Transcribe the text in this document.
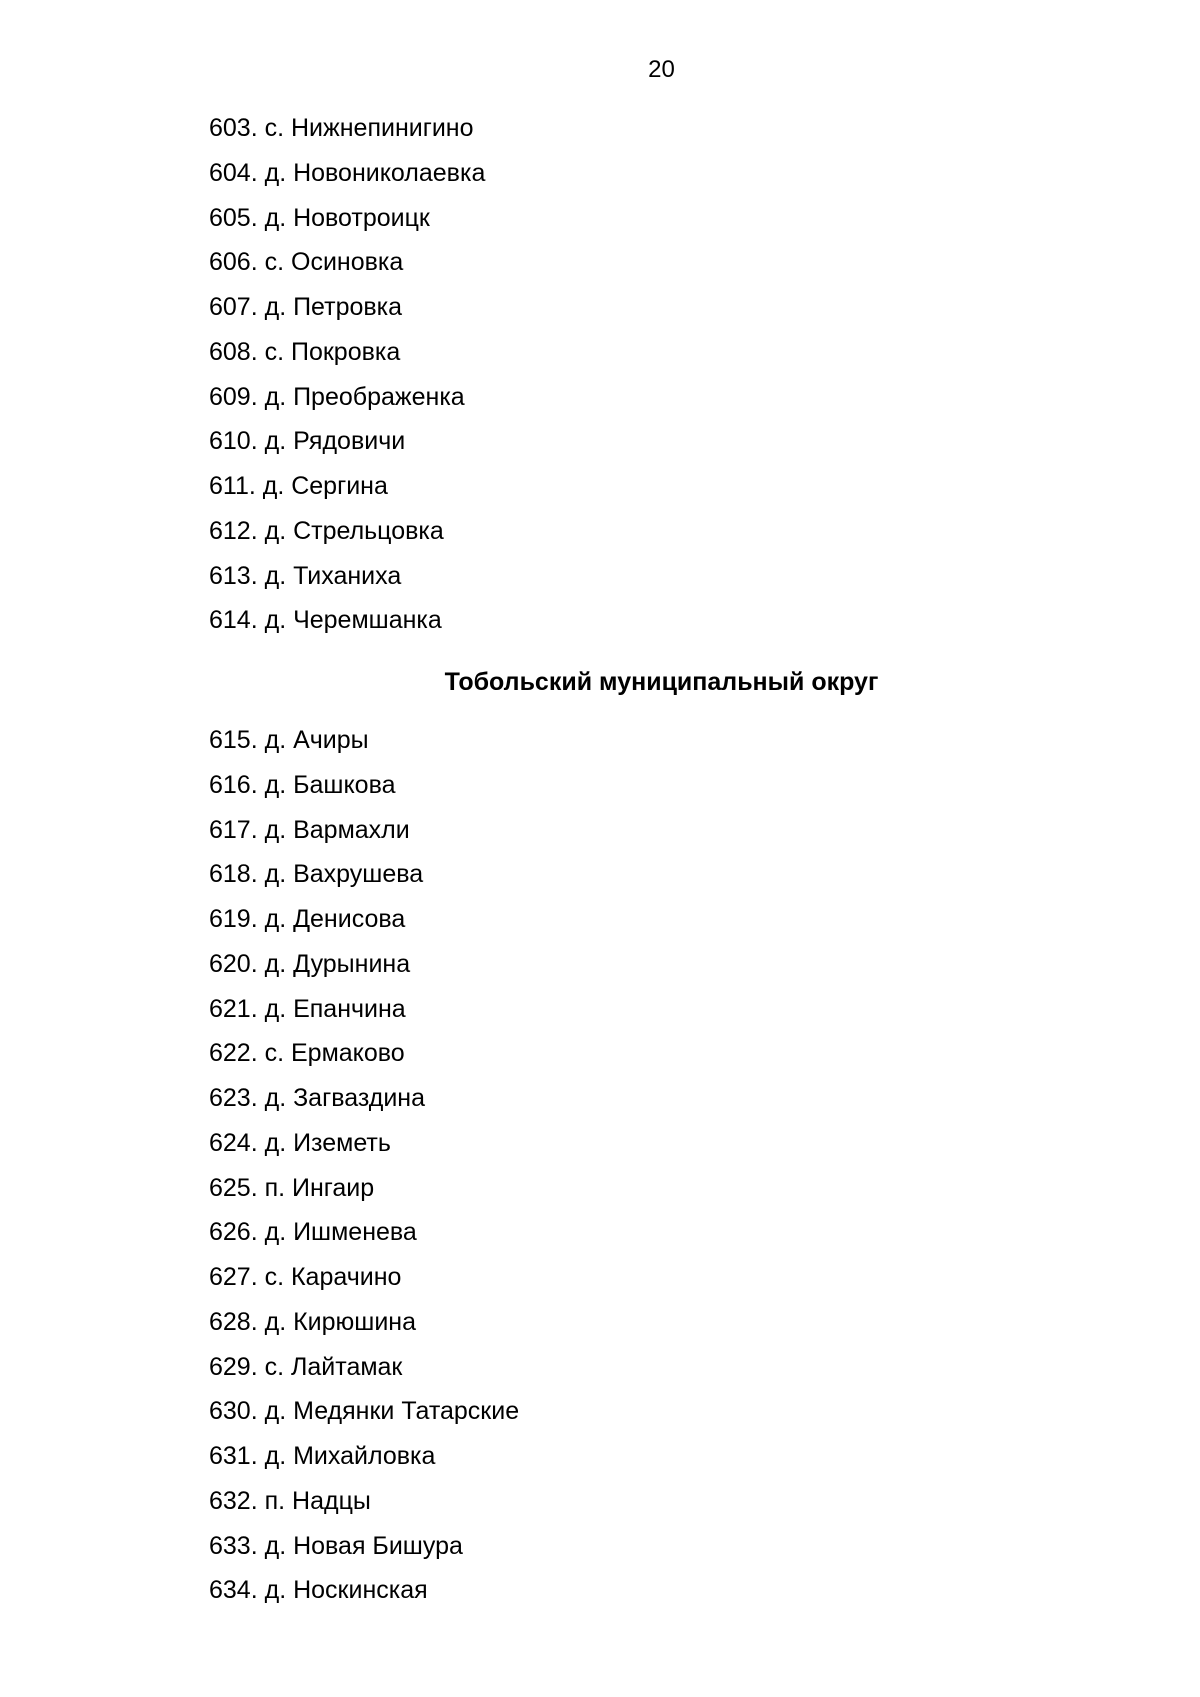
20
603. с. Нижнепинигино
604. д. Новониколаевка
605. д. Новотроицк
606. с. Осиновка
607. д. Петровка
608. с. Покровка
609. д. Преображенка
610. д. Рядовичи
611. д. Сергина
612. д. Стрельцовка
613. д. Тиханиха
614. д. Черемшанка
Тобольский муниципальный округ
615. д. Ачиры
616. д. Башкова
617. д. Вармахли
618. д. Вахрушева
619. д. Денисова
620. д. Дурынина
621. д. Епанчина
622. с. Ермаково
623. д. Загваздина
624. д. Иземеть
625. п. Ингаир
626. д. Ишменева
627. с. Карачино
628. д. Кирюшина
629. с. Лайтамак
630. д. Медянки Татарские
631. д. Михайловка
632. п. Надцы
633. д. Новая Бишура
634. д. Носкинская
